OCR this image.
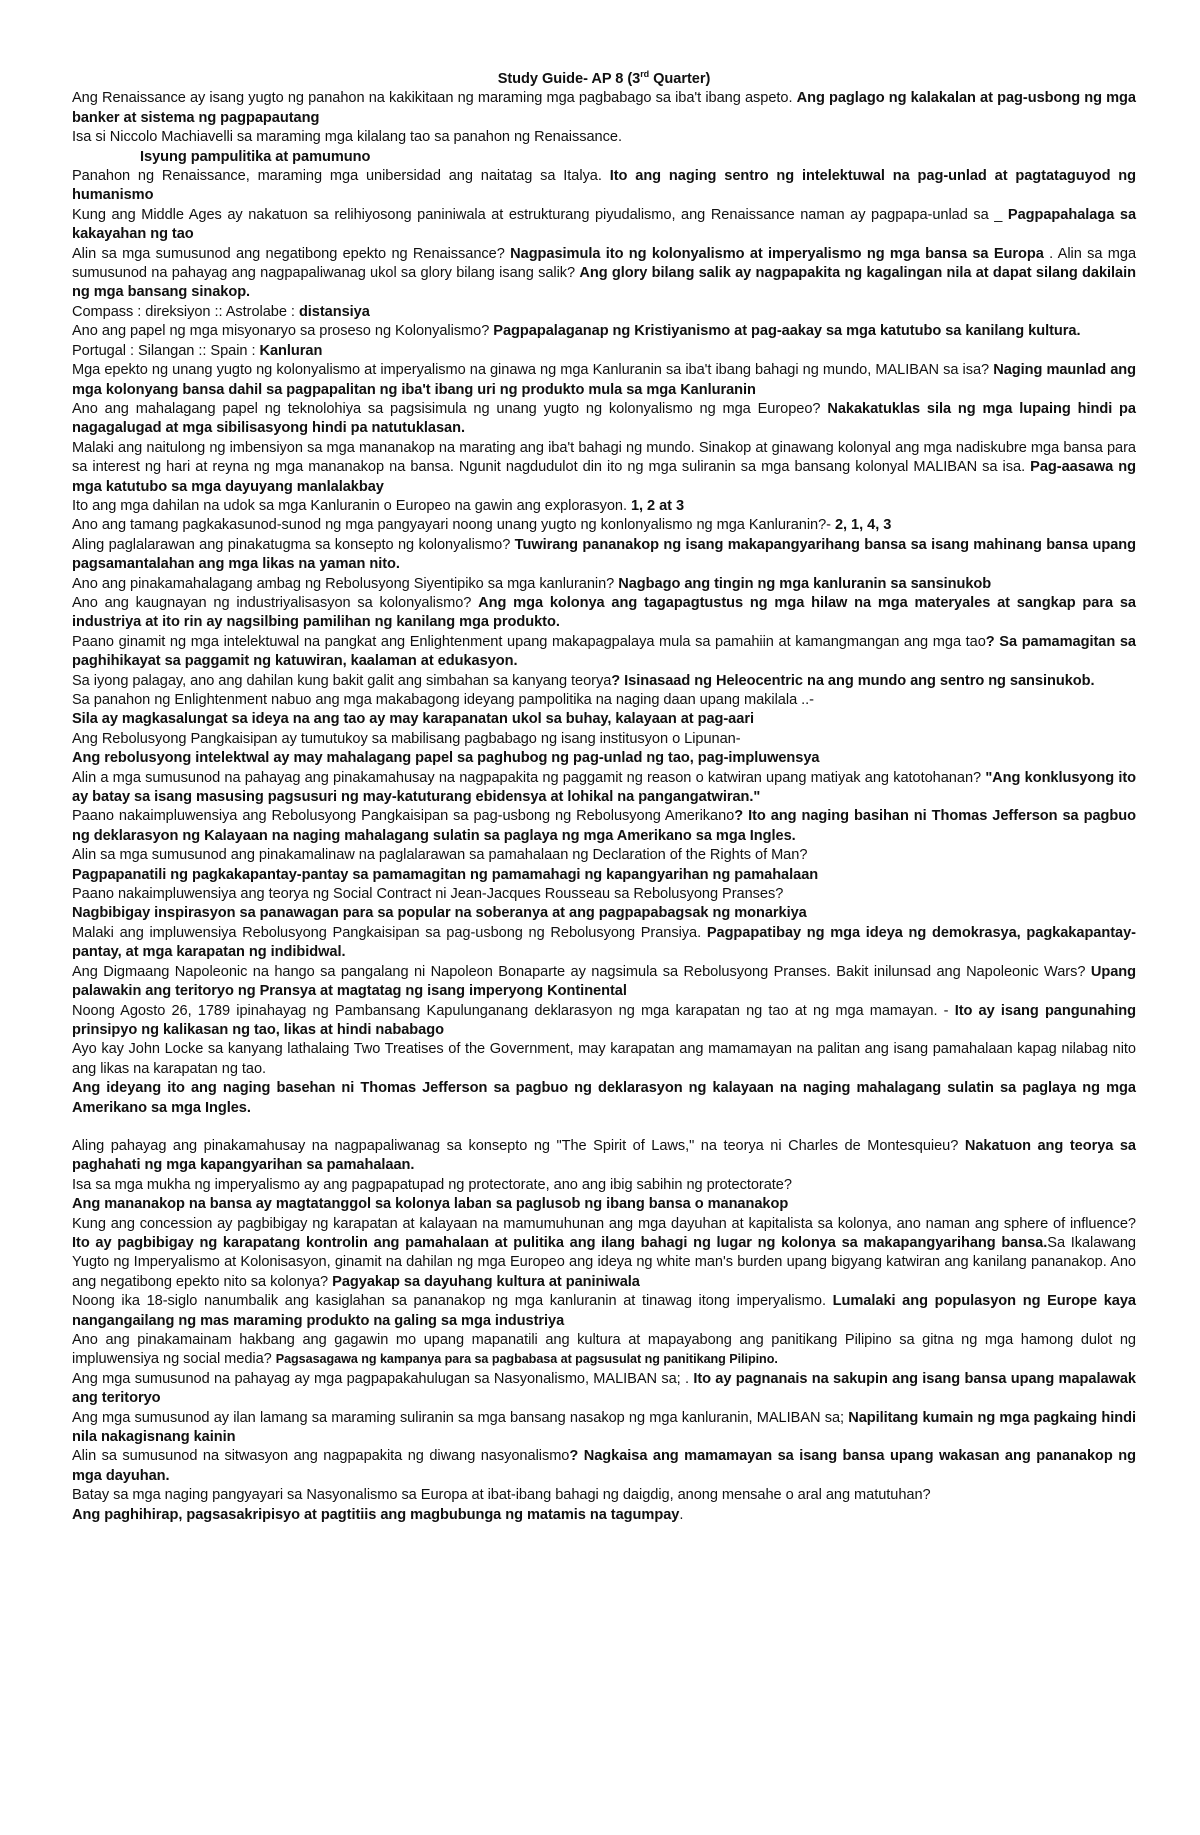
Study Guide- AP 8 (3rd Quarter)

Ang Renaissance ay isang yugto ng panahon na kakikitaan ng maraming mga pagbabago sa iba't ibang aspeto. Ang paglago ng kalakalan at pag-usbong ng mga banker at sistema ng pagpapautang

Isa si Niccolo Machiavelli sa maraming mga kilalang tao sa panahon ng Renaissance.

Isyung pampulitika at pamumuno

Panahon ng Renaissance, maraming mga unibersidad ang naitatag sa Italya. Ito ang naging sentro ng intelektuwal na pag-unlad at pagtataguyod ng humanismo

Kung ang Middle Ages ay nakatuon sa relihiyosong paniniwala at estrukturang piyudalismo, ang Renaissance naman ay pagpapa-unlad sa _ Pagpapahalaga sa kakayahan ng tao

Alin sa mga sumusunod ang negatibong epekto ng Renaissance? Nagpasimula ito ng kolonyalismo at imperyalismo ng mga bansa sa Europa . Alin sa mga sumusunod na pahayag ang nagpapaliwanag ukol sa glory bilang isang salik? Ang glory bilang salik ay nagpapakita ng kagalingan nila at dapat silang dakilain ng mga bansang sinakop.

Compass : direksiyon :: Astrolabe : distansiya

Ano ang papel ng mga misyonaryo sa proseso ng Kolonyalismo? Pagpapalaganap ng Kristiyanismo at pag-aakay sa mga katutubo sa kanilang kultura.

Portugal : Silangan :: Spain : Kanluran

Mga epekto ng unang yugto ng kolonyalismo at imperyalismo na ginawa ng mga Kanluranin sa iba't ibang bahagi ng mundo, MALIBAN sa isa? Naging maunlad ang mga kolonyang bansa dahil sa pagpapalitan ng iba't ibang uri ng produkto mula sa mga Kanluranin

Ano ang mahalagang papel ng teknolohiya sa pagsisimula ng unang yugto ng kolonyalismo ng mga Europeo? Nakakatuklas sila ng mga lupaing hindi pa nagagalugad at mga sibilisasyong hindi pa natutuklasan.

Malaki ang naitulong ng imbensiyon sa mga mananakop na marating ang iba't bahagi ng mundo. Sinakop at ginawang kolonyal ang mga nadiskubre mga bansa para sa interest ng hari at reyna ng mga mananakop na bansa. Ngunit nagdudulot din ito ng mga suliranin sa mga bansang kolonyal MALIBAN sa isa. Pag-aasawa ng mga katutubo sa mga dayuyang manlalakbay

Ito ang mga dahilan na udok sa mga Kanluranin o Europeo na gawin ang explorasyon. 1, 2 at 3

Ano ang tamang pagkakasunod-sunod ng mga pangyayari noong unang yugto ng konlonyalismo ng mga Kanluranin?- 2, 1, 4, 3

Aling paglalarawan ang pinakatugma sa konsepto ng kolonyalismo? Tuwirang pananakop ng isang makapangyarihang bansa sa isang mahinang bansa upang pagsamantalahan ang mga likas na yaman nito.

Ano ang pinakamahalagang ambag ng Rebolusyong Siyentipiko sa mga kanluranin? Nagbago ang tingin ng mga kanluranin sa sansinukob

Ano ang kaugnayan ng industriyalisasyon sa kolonyalismo? Ang mga kolonya ang tagapagtustus ng mga hilaw na mga materyales at sangkap para sa industriya at ito rin ay nagsilbing pamilihan ng kanilang mga produkto.

Paano ginamit ng mga intelektuwal na pangkat ang Enlightenment upang makapagpalaya mula sa pamahiin at kamangmangan ang mga tao? Sa pamamagitan sa paghihikayat sa paggamit ng katuwiran, kaalaman at edukasyon.

Sa iyong palagay, ano ang dahilan kung bakit galit ang simbahan sa kanyang teorya? Isinasaad ng Heleocentric na ang mundo ang sentro ng sansinukob.

Sa panahon ng Enlightenment nabuo ang mga makabagong ideyang pampolitika na naging daan upang makilala ..-

Sila ay magkasalungat sa ideya na ang tao ay may karapanatan ukol sa buhay, kalayaan at pag-aari

Ang Rebolusyong Pangkaisipan ay tumutukoy sa mabilisang pagbabago ng isang institusyon o Lipunan-

Ang rebolusyong intelektwal ay may mahalagang papel sa paghubog ng pag-unlad ng tao, pag-impluwensya

Alin a mga sumusunod na pahayag ang pinakamahusay na nagpapakita ng paggamit ng reason o katwiran upang matiyak ang katotohanan? "Ang konklusyong ito ay batay sa isang masusing pagsusuri ng may-katuturang ebidensya at lohikal na pangangatwiran."

Paano nakaimpluwensiya ang Rebolusyong Pangkaisipan sa pag-usbong ng Rebolusyong Amerikano? Ito ang naging basihan ni Thomas Jefferson sa pagbuo ng deklarasyon ng Kalayaan na naging mahalagang sulatin sa paglaya ng mga Amerikano sa mga Ingles.

Alin sa mga sumusunod ang pinakamalinaw na paglalarawan sa pamahalaan ng Declaration of the Rights of Man?

Pagpapanatili ng pagkakapantay-pantay sa pamamagitan ng pamamahagi ng kapangyarihan ng pamahalaan

Paano nakaimpluwensiya ang teorya ng Social Contract ni Jean-Jacques Rousseau sa Rebolusyong Pranses?

Nagbibigay inspirasyon sa panawagan para sa popular na soberanya at ang pagpapabagsak ng monarkiya

Malaki ang impluwensiya Rebolusyong Pangkaisipan sa pag-usbong ng Rebolusyong Pransiya. Pagpapatibay ng mga ideya ng demokrasya, pagkakapantay-pantay, at mga karapatan ng indibidwal.

Ang Digmaang Napoleonic na hango sa pangalang ni Napoleon Bonaparte ay nagsimula sa Rebolusyong Pranses. Bakit inilunsad ang Napoleonic Wars? Upang palawakin ang teritoryo ng Pransya at magtatag ng isang imperyong Kontinental

Noong Agosto 26, 1789 ipinahayag ng Pambansang Kapulunganang deklarasyon ng mga karapatan ng tao at ng mga mamayan. - Ito ay isang pangunahing prinsipyo ng kalikasan ng tao, likas at hindi nababago

Ayo kay John Locke sa kanyang lathalaing Two Treatises of the Government, may karapatan ang mamamayan na palitan ang isang pamahalaan kapag nilabag nito ang likas na karapatan ng tao.

Ang ideyang ito ang naging basehan ni Thomas Jefferson sa pagbuo ng deklarasyon ng kalayaan na naging mahalagang sulatin sa paglaya ng mga Amerikano sa mga Ingles.

Aling pahayag ang pinakamahusay na nagpapaliwanag sa konsepto ng "The Spirit of Laws," na teorya ni Charles de Montesquieu? Nakatuon ang teorya sa paghahati ng mga kapangyarihan sa pamahalaan.

Isa sa mga mukha ng imperyalismo ay ang pagpapatupad ng protectorate, ano ang ibig sabihin ng protectorate?

Ang mananakop na bansa ay magtatanggol sa kolonya laban sa paglusob ng ibang bansa o mananakop

Kung ang concession ay pagbibigay ng karapatan at kalayaan na mamumuhunan ang mga dayuhan at kapitalista sa kolonya, ano naman ang sphere of influence? Ito ay pagbibigay ng karapatang kontrolin ang pamahalaan at pulitika ang ilang bahagi ng lugar ng kolonya sa makapangyarihang bansa.Sa Ikalawang Yugto ng Imperyalismo at Kolonisasyon, ginamit na dahilan ng mga Europeo ang ideya ng white man's burden upang bigyang katwiran ang kanilang pananakop. Ano ang negatibong epekto nito sa kolonya? Pagyakap sa dayuhang kultura at paniniwala

Noong ika 18-siglo nanumbalik ang kasiglahan sa pananakop ng mga kanluranin at tinawag itong imperyalismo. Lumalaki ang populasyon ng Europe kaya nangangailang ng mas maraming produkto na galing sa mga industriya

Ano ang pinakamainam hakbang ang gagawin mo upang mapanatili ang kultura at mapayabong ang panitikang Pilipino sa gitna ng mga hamong dulot ng impluwensiya ng social media? Pagsasagawa ng kampanya para sa pagbabasa at pagsusulat ng panitikang Pilipino.

Ang mga sumusunod na pahayag ay mga pagpapakahulugan sa Nasyonalismo, MALIBAN sa; . Ito ay pagnanais na sakupin ang isang bansa upang mapalawak ang teritoryo

Ang mga sumusunod ay ilan lamang sa maraming suliranin sa mga bansang nasakop ng mga kanluranin, MALIBAN sa; Napilitang kumain ng mga pagkaing hindi nila nakagisnang kainin

Alin sa sumusunod na sitwasyon ang nagpapakita ng diwang nasyonalismo? Nagkaisa ang mamamayan sa isang bansa upang wakasan ang pananakop ng mga dayuhan.

Batay sa mga naging pangyayari sa Nasyonalismo sa Europa at ibat-ibang bahagi ng daigdig, anong mensahe o aral ang matutuhan?

Ang paghihirap, pagsasakripisyo at pagtitiis ang magbubunga ng matamis na tagumpay.
